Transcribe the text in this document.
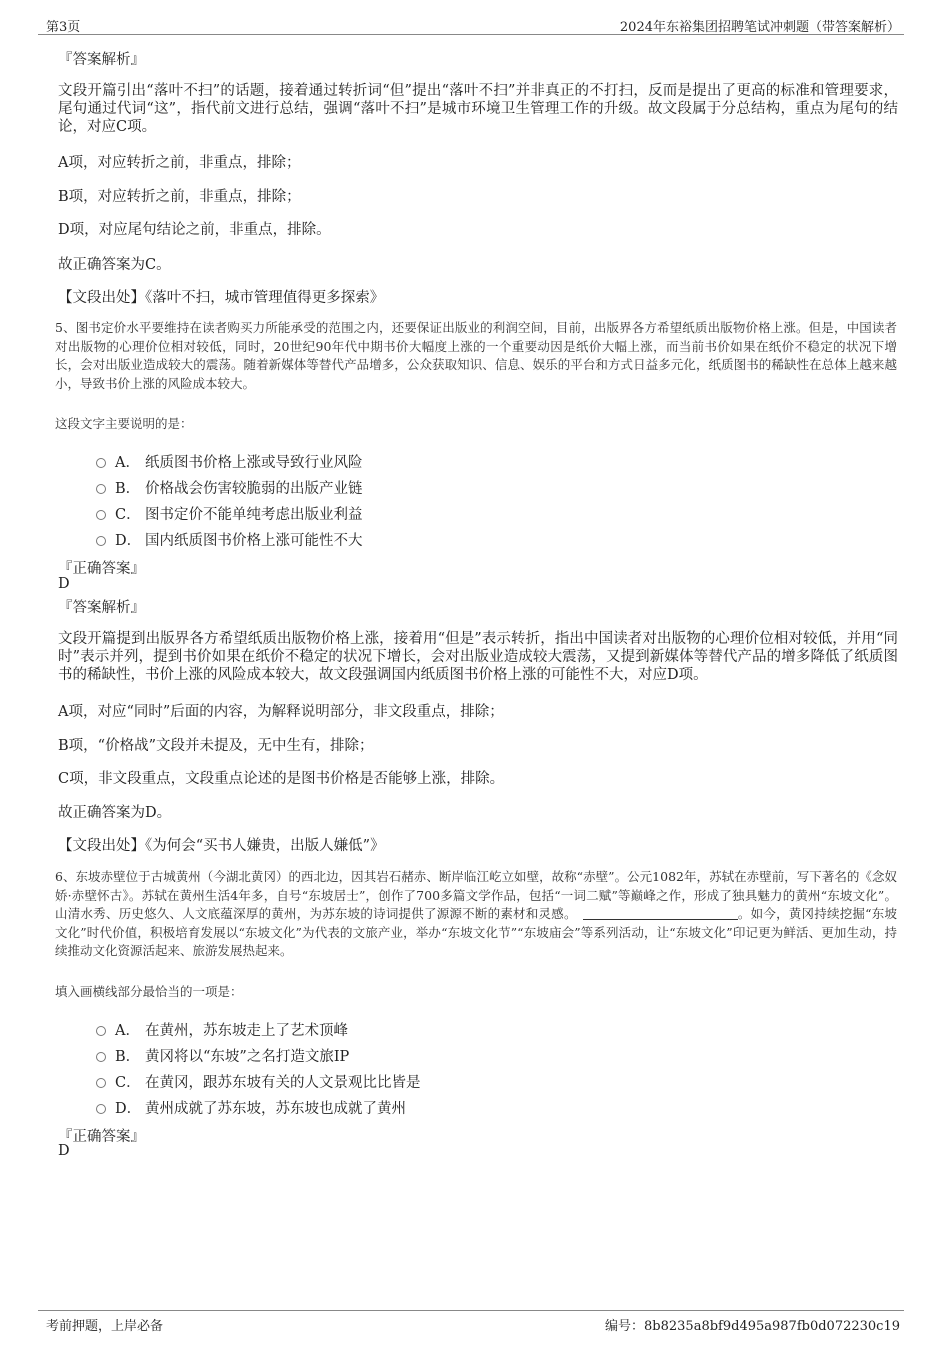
第3页	2024年东裕集团招聘笔试冲刺题（带答案解析）
『答案解析』
文段开篇引出“落叶不扫”的话题，接着通过转折词“但”提出“落叶不扫”并非真正的不打扫，反而是提出了更高的标准和管理要求，尾句通过代词“这”，指代前文进行总结，强调“落叶不扫”是城市环境卫生管理工作的升级。故文段属于分总结构，重点为尾句的结论，对应C项。
A项，对应转折之前，非重点，排除；
B项，对应转折之前，非重点，排除；
D项，对应尾句结论之前，非重点，排除。
故正确答案为C。
【文段出处】《落叶不扫，城市管理值得更多探索》
5、图书定价水平要维持在读者购买力所能承受的范围之内，还要保证出版业的利润空间，目前，出版界各方希望纸质出版物价格上涨。但是，中国读者对出版物的心理价位相对较低，同时，20世纪90年代中期书价大幅度上涨的一个重要动因是纸价大幅上涨，而当前书价如果在纸价不稳定的状况下增长，会对出版业造成较大的震荡。随着新媒体等替代产品增多，公众获取知识、信息、娱乐的平台和方式日益多元化，纸质图书的稀缺性在总体上越来越小，导致书价上涨的风险成本较大。
这段文字主要说明的是：
A． 纸质图书价格上涨或导致行业风险
B． 价格战会伤害较脆弱的出版产业链
C． 图书定价不能单纯考虑出版业利益
D． 国内纸质图书价格上涨可能性不大
『正确答案』
D
『答案解析』
文段开篇提到出版界各方希望纸质出版物价格上涨，接着用“但是”表示转折，指出中国读者对出版物的心理价位相对较低，并用“同时”表示并列，提到书价如果在纸价不稳定的状况下增长，会对出版业造成较大震荡，又提到新媒体等替代产品的增多降低了纸质图书的稀缺性，书价上涨的风险成本较大，故文段强调国内纸质图书价格上涨的可能性不大，对应D项。
A项，对应“同时”后面的内容，为解释说明部分，非文段重点，排除；
B项，“价格战”文段并未提及，无中生有，排除；
C项，非文段重点，文段重点论述的是图书价格是否能够上涨，排除。
故正确答案为D。
【文段出处】《为何会“买书人嫌贵，出版人嫌低”》
6、东坡赤壁位于古城黄州（今湖北黄冈）的西北边，因其岩石赭赤、断岸临江屹立如壁，故称“赤壁”。公元1082年，苏轼在赤壁前，写下著名的《念奴娇·赤壁怀古》。苏轼在黄州生活4年多，自号“东坡居士”，创作了700多篇文学作品，包括“一词二赋”等巅峰之作，形成了独具魅力的黄州“东坡文化”。山清水秀、历史悠久、人文底蕴深厚的黄州，为苏东坡的诗词提供了源源不断的素材和灵感。	。如今，黄冈持续挖掘“东坡文化”时代价值，积极培育发展以“东坡文化”为代表的文旅产业，举办“东坡文化节”“东坡庙会”等系列活动，让“东坡文化”印记更为鲜活、更加生动，持续推动文化资源活起来、旅游发展热起来。
填入画横线部分最恰当的一项是：
A． 在黄州，苏东坡走上了艺术顶峰
B． 黄冈将以“东坡”之名打造文旅IP
C． 在黄冈，跟苏东坡有关的人文景观比比皆是
D． 黄州成就了苏东坡，苏东坡也成就了黄州
『正确答案』
D
考前押题，上岸必备	编号：8b8235a8bf9d495a987fb0d072230c19
